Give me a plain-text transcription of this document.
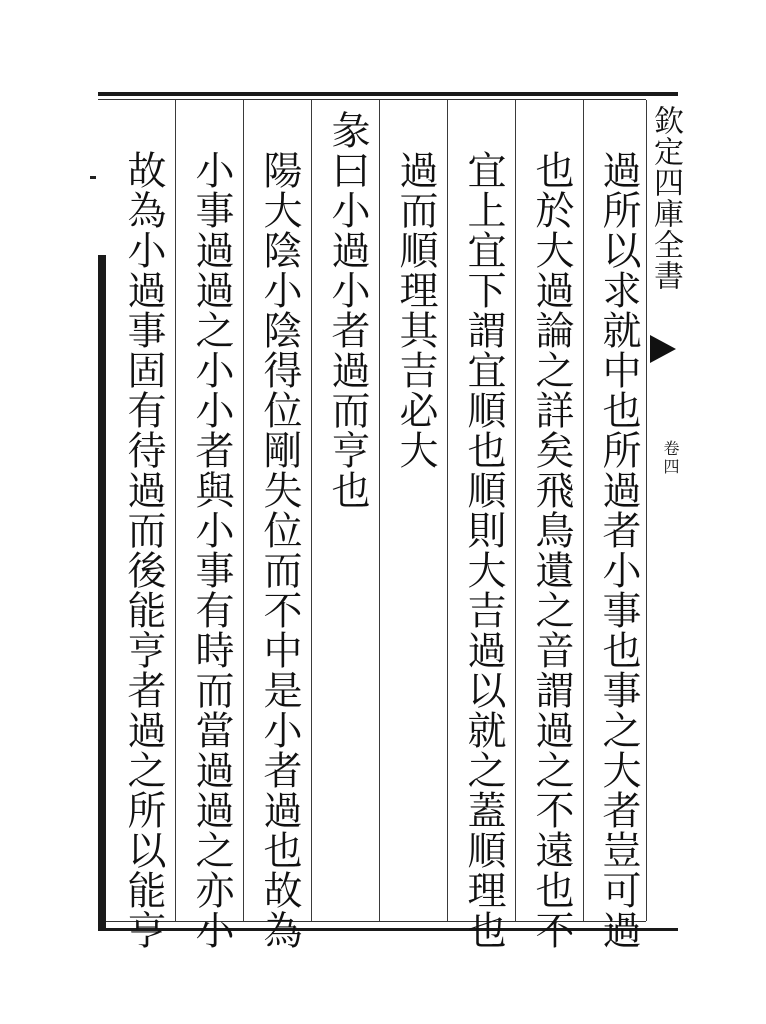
欽定四庫全書
卷四
過所以求就中也所過者小事也事之大者豈可過
也於大過論之詳矣飛鳥遺之音謂過之不遠也不
宜上宜下謂宜順也順則大吉過以就之蓋順理也
過而順理其吉必大
彖曰小過小者過而亨也
陽大陰小陰得位剛失位而不中是小者過也故為
小事過過之小小者與小事有時而當過過之亦小
故為小過事固有待過而後能亨者過之所以能亨
